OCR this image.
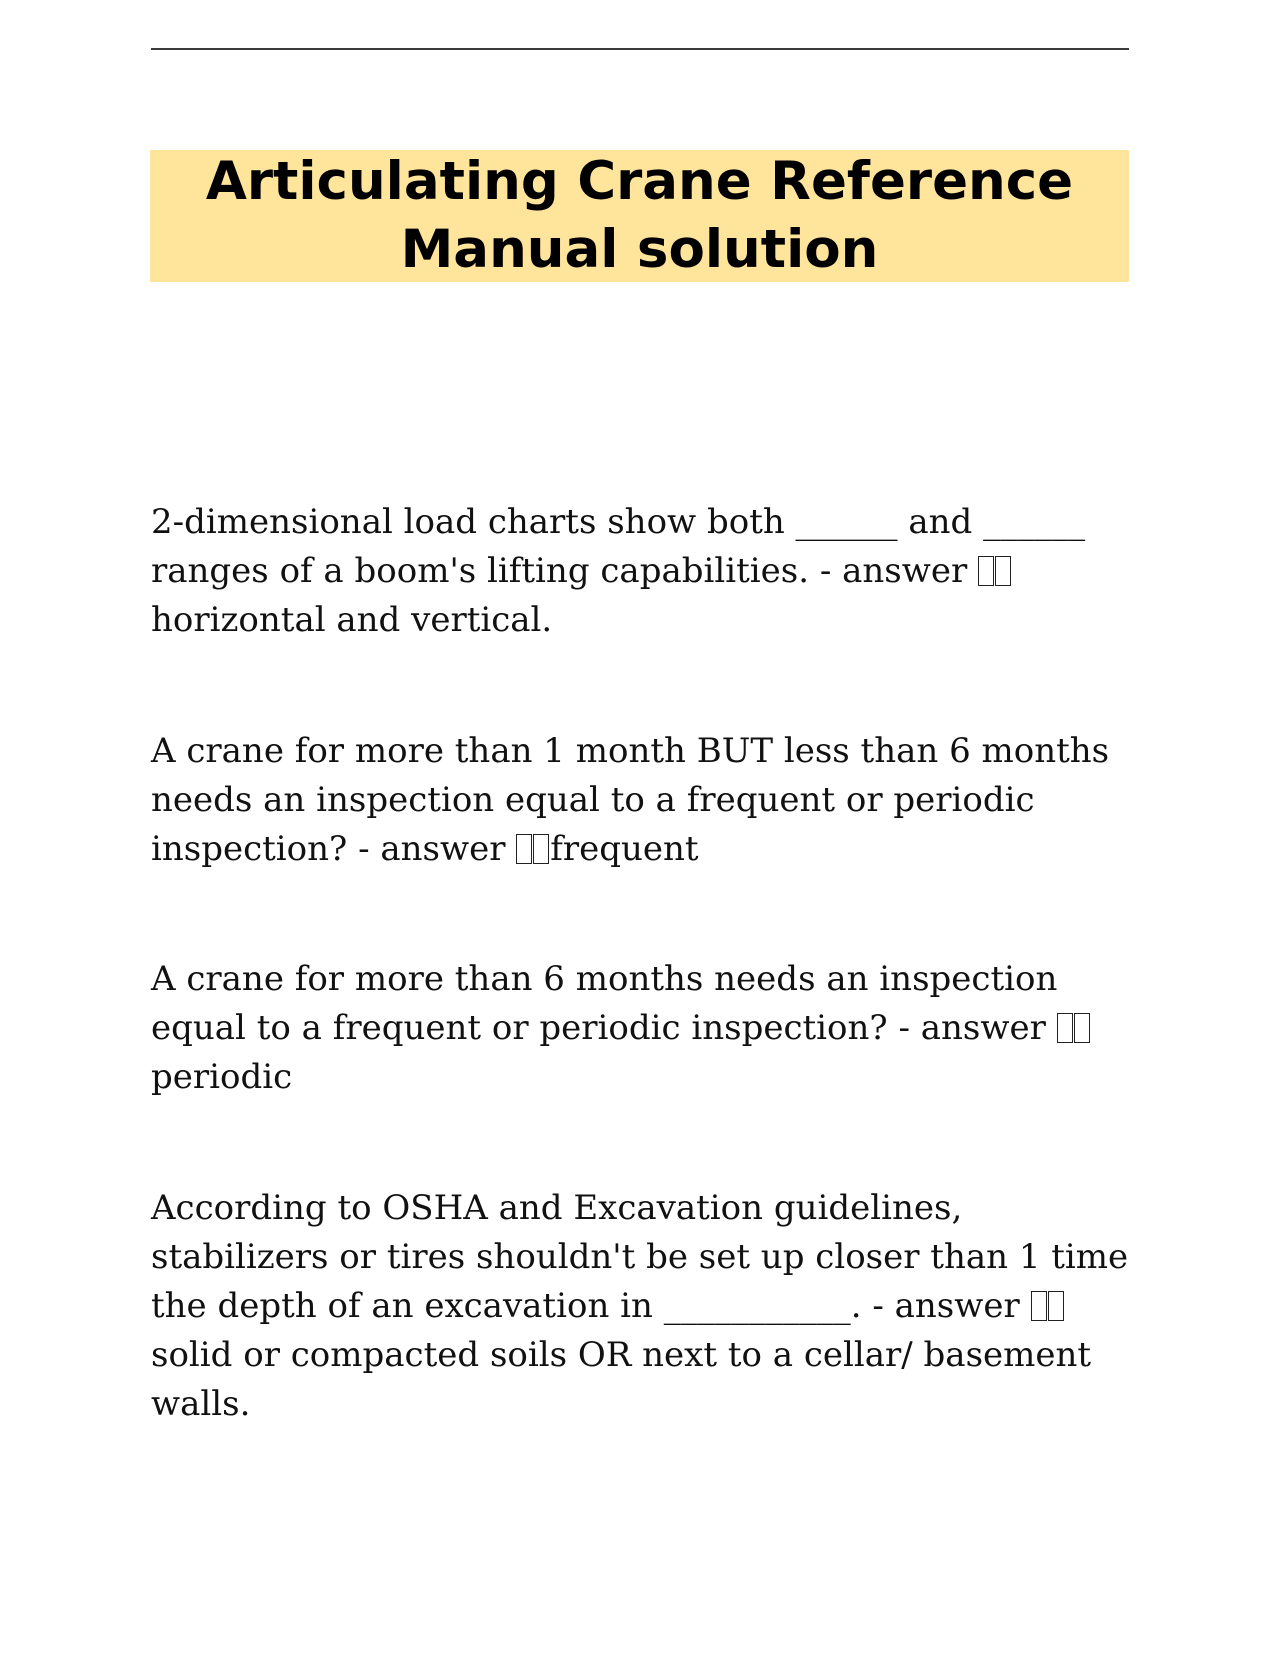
Articulating Crane Reference Manual solution

2-dimensional load charts show both ______ and ______ ranges of a boom's lifting capabilities. - answer horizontal and vertical.

A crane for more than 1 month BUT less than 6 months needs an inspection equal to a frequent or periodic inspection? - answer frequent

A crane for more than 6 months needs an inspection equal to a frequent or periodic inspection? - answer periodic

According to OSHA and Excavation guidelines, stabilizers or tires shouldn't be set up closer than 1 time the depth of an excavation in ___________. - answer solid or compacted soils OR next to a cellar/ basement walls.
